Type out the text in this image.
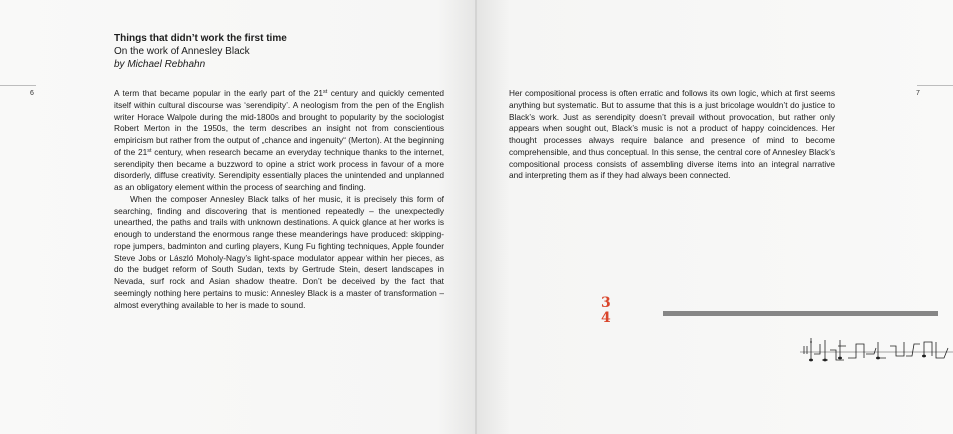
6	7
Things that didn’t work the first time
On the work of Annesley Black
by Michael Rebhahn

A term that became popular in the early part of the 21st century and quickly cemented itself within cultural discourse was ‘serendipity’. A neologism from the pen of the English writer Horace Walpole during the mid-1800s and brought to popularity by the sociologist Robert Merton in the 1950s, the term describes an insight not from conscientious empiricism but rather from the output of „chance and ingenuity“ (Merton). At the beginning of the 21st century, when research became an everyday technique thanks to the internet, serendipity then became a buzzword to opine a strict work process in favour of a more disorderly, diffuse creativity. Serendipity essentially places the unintended and unplanned as an obligatory element within the process of searching and finding.

When the composer Annesley Black talks of her music, it is precisely this form of searching, finding and discovering that is mentioned repeatedly – the unexpectedly unearthed, the paths and trails with unknown destinations. A quick glance at her works is enough to understand the enormous range these meanderings have produced: skipping-rope jumpers, badminton and curling players, Kung Fu fighting techniques, Apple founder Steve Jobs or László Moholy-Nagy’s light-space modulator appear within her pieces, as do the budget reform of South Sudan, texts by Gertrude Stein, desert landscapes in Nevada, surf rock and Asian shadow theatre. Don’t be deceived by the fact that seemingly nothing here pertains to music: Annesley Black is a master of transformation – almost everything available to her is made to sound.

Her compositional process is often erratic and follows its own logic, which at first seems anything but systematic. But to assume that this is a just bricolage wouldn’t do justice to Black’s work. Just as serendipity doesn’t prevail without provocation, but rather only appears when sought out, Black’s music is not a product of happy coincidences. Her thought processes always require balance and presence of mind to become comprehensible, and thus conceptual. In this sense, the central core of Annesley Black’s compositional process consists of assembling diverse items into an integral narrative and interpreting them as if they had always been connected.

3
4
